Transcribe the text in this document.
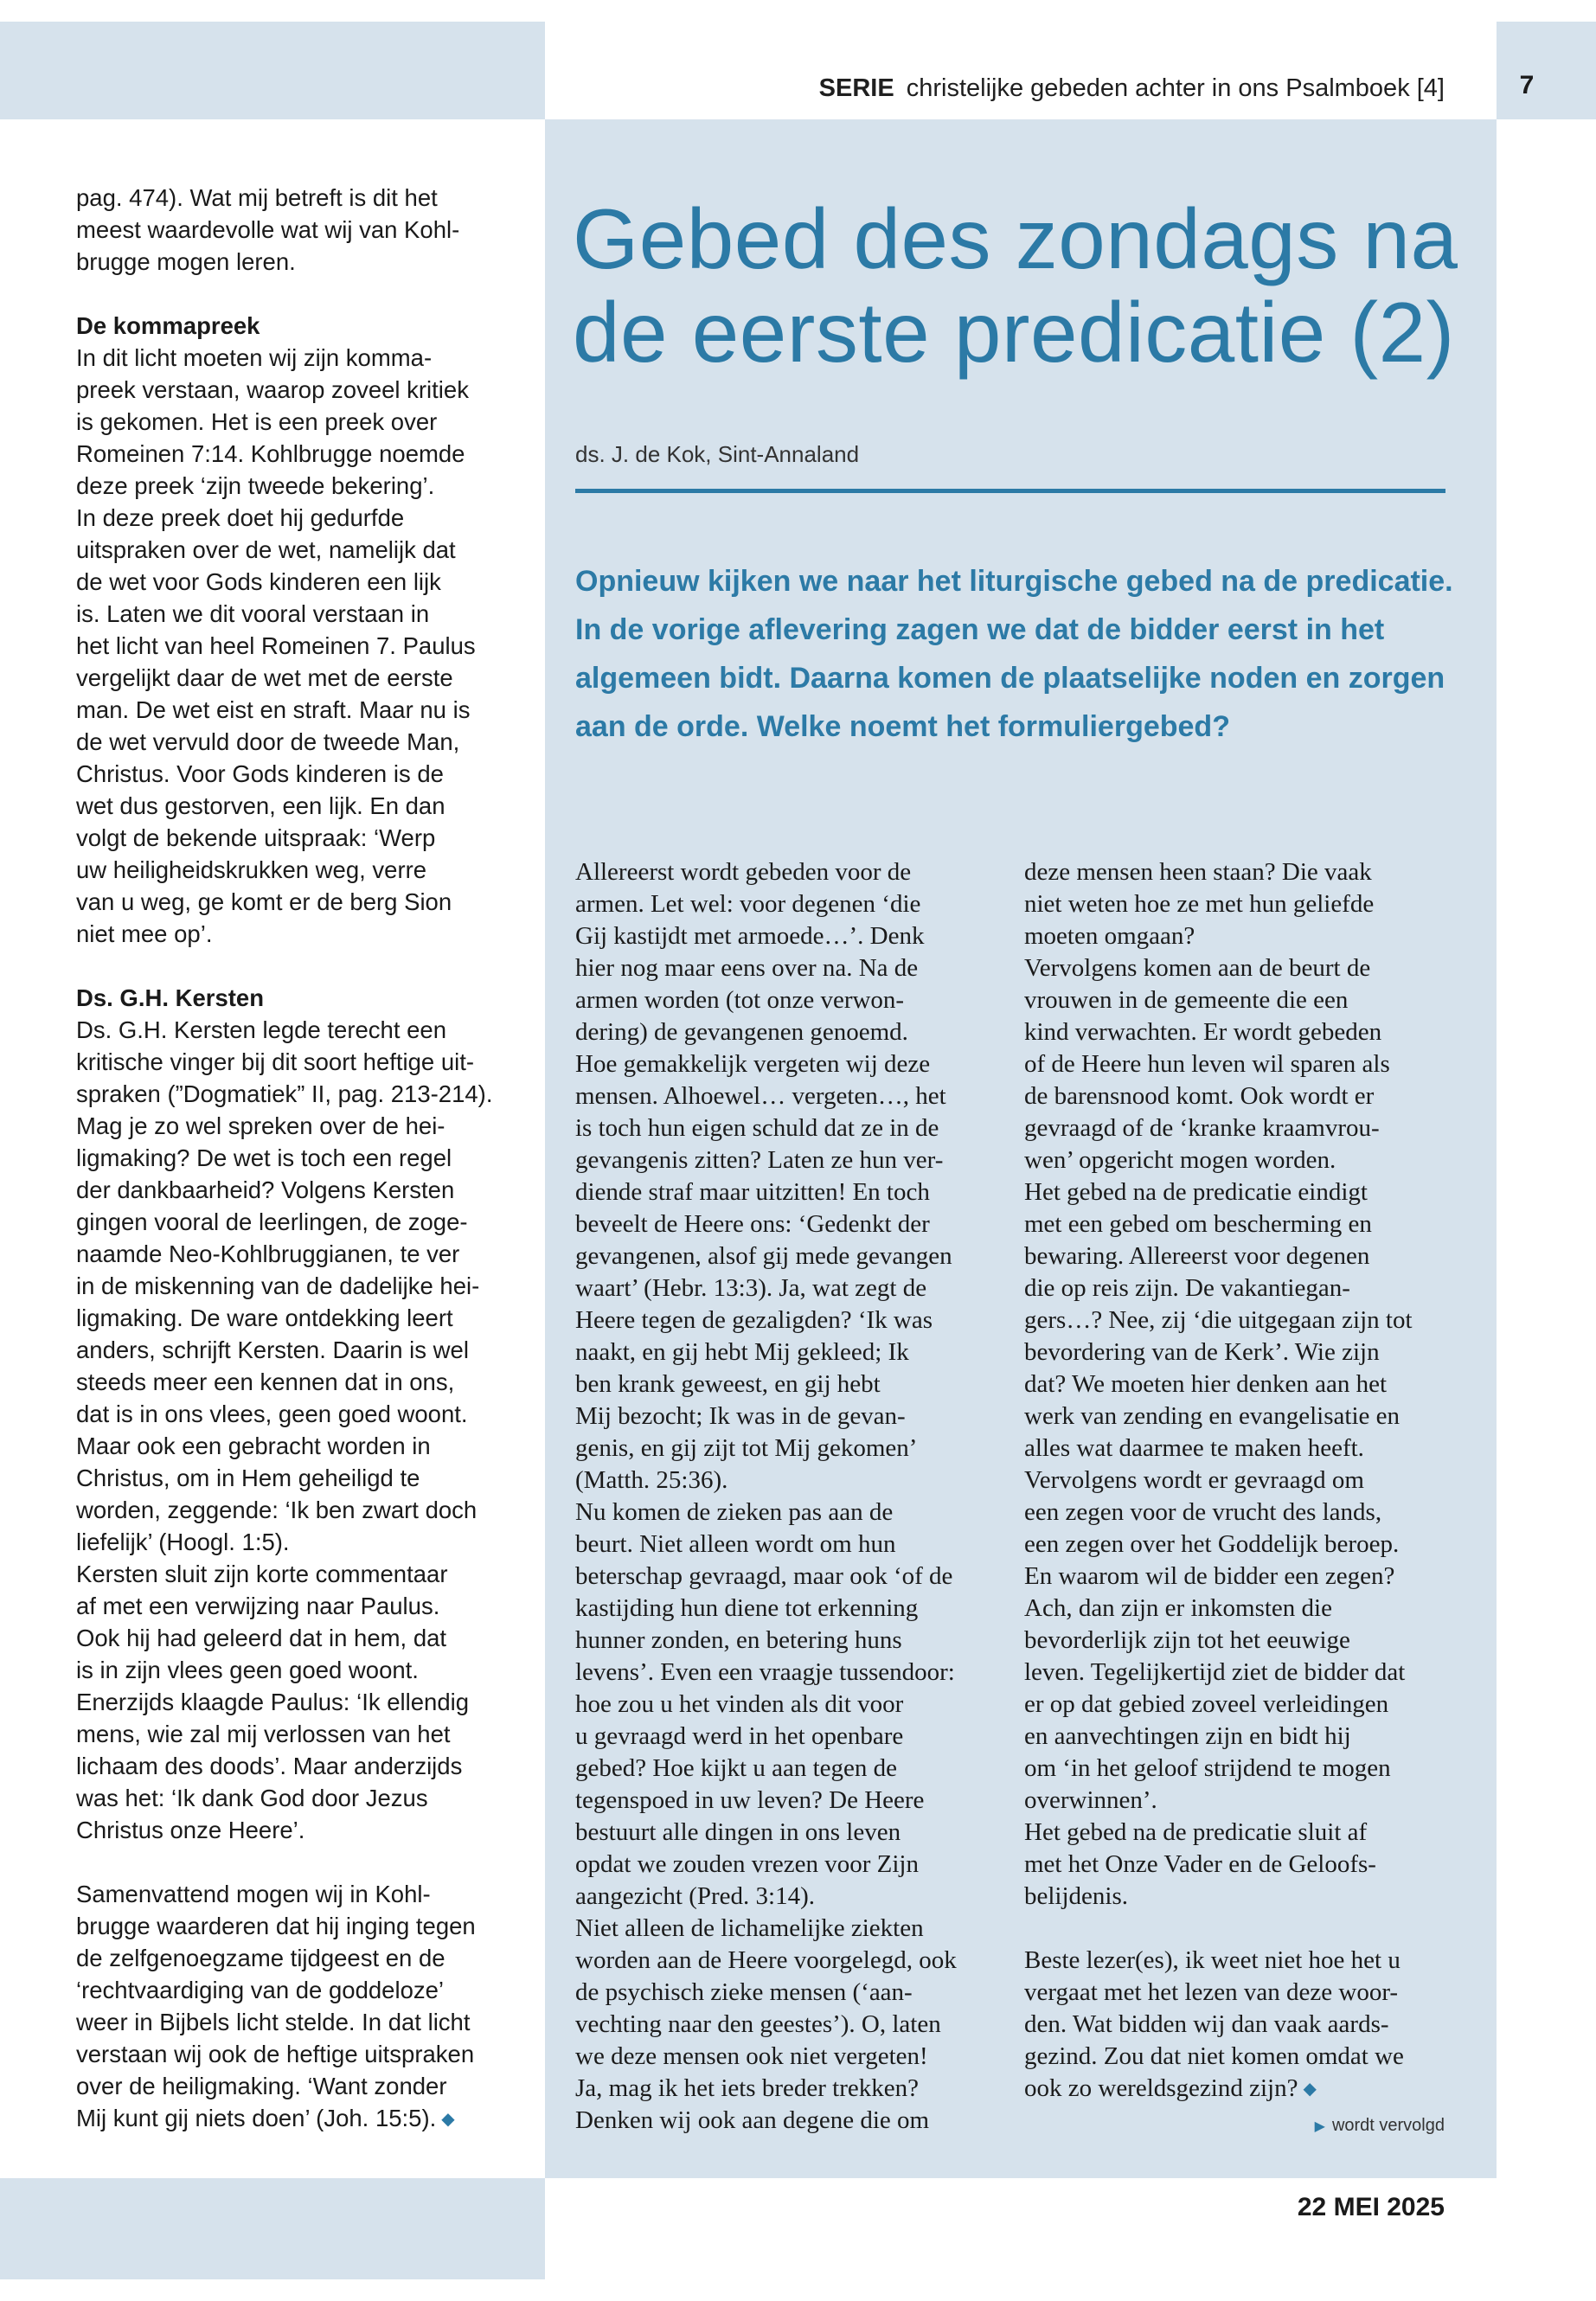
SERIE christelijke gebeden achter in ons Psalmboek [4]	7
pag. 474). Wat mij betreft is dit het
meest waardevolle wat wij van Kohl-
brugge mogen leren.
De kommapreek
In dit licht moeten wij zijn komma-
preek verstaan, waarop zoveel kritiek
is gekomen. Het is een preek over
Romeinen 7:14. Kohlbrugge noemde
deze preek ‘zijn tweede bekering’.
In deze preek doet hij gedurfde
uitspraken over de wet, namelijk dat
de wet voor Gods kinderen een lijk
is. Laten we dit vooral verstaan in
het licht van heel Romeinen 7. Paulus
vergelijkt daar de wet met de eerste
man. De wet eist en straft. Maar nu is
de wet vervuld door de tweede Man,
Christus. Voor Gods kinderen is de
wet dus gestorven, een lijk. En dan
volgt de bekende uitspraak: ‘Werp
uw heiligheidskrukken weg, verre
van u weg, ge komt er de berg Sion
niet mee op’.
Ds. G.H. Kersten
Ds. G.H. Kersten legde terecht een
kritische vinger bij dit soort heftige uit-
spraken (”Dogmatiek” II, pag. 213-214).
Mag je zo wel spreken over de hei-
ligmaking? De wet is toch een regel
der dankbaarheid? Volgens Kersten
gingen vooral de leerlingen, de zoge-
naamde Neo-Kohlbruggianen, te ver
in de miskenning van de dadelijke hei-
ligmaking. De ware ontdekking leert
anders, schrijft Kersten. Daarin is wel
steeds meer een kennen dat in ons,
dat is in ons vlees, geen goed woont.
Maar ook een gebracht worden in
Christus, om in Hem geheiligd te
worden, zeggende: ‘Ik ben zwart doch
liefelijk’ (Hoogl. 1:5).
Kersten sluit zijn korte commentaar
af met een verwijzing naar Paulus.
Ook hij had geleerd dat in hem, dat
is in zijn vlees geen goed woont.
Enerzijds klaagde Paulus: ‘Ik ellendig
mens, wie zal mij verlossen van het
lichaam des doods’. Maar anderzijds
was het: ‘Ik dank God door Jezus
Christus onze Heere’.
Samenvattend mogen wij in Kohl-
brugge waarderen dat hij inging tegen
de zelfgenoegzame tijdgeest en de
‘rechtvaardiging van de goddeloze’
weer in Bijbels licht stelde. In dat licht
verstaan wij ook de heftige uitspraken
over de heiligmaking. ‘Want zonder
Mij kunt gij niets doen’ (Joh. 15:5). ◆
Gebed des zondags na
de eerste predicatie (2)
ds. J. de Kok, Sint-Annaland

Opnieuw kijken we naar het liturgische gebed na de predicatie. In de vorige aflevering zagen we dat de bidder eerst in het algemeen bidt. Daarna komen de plaatselijke noden en zorgen aan de orde. Welke noemt het formuliergebed?

Allereerst wordt gebeden voor de
armen. Let wel: voor degenen ‘die
Gij kastijdt met armoede…’. Denk
hier nog maar eens over na. Na de
armen worden (tot onze verwon-
dering) de gevangenen genoemd.
Hoe gemakkelijk vergeten wij deze
mensen. Alhoewel… vergeten…, het
is toch hun eigen schuld dat ze in de
gevangenis zitten? Laten ze hun ver-
diende straf maar uitzitten! En toch
beveelt de Heere ons: ‘Gedenkt der
gevangenen, alsof gij mede gevangen
waart’ (Hebr. 13:3). Ja, wat zegt de
Heere tegen de gezaligden? ‘Ik was
naakt, en gij hebt Mij gekleed; Ik
ben krank geweest, en gij hebt
Mij bezocht; Ik was in de gevan-
genis, en gij zijt tot Mij gekomen’
(Matth. 25:36).
Nu komen de zieken pas aan de
beurt. Niet alleen wordt om hun
beterschap gevraagd, maar ook ‘of de
kastijding hun diene tot erkenning
hunner zonden, en betering huns
levens’. Even een vraagje tussendoor:
hoe zou u het vinden als dit voor
u gevraagd werd in het openbare
gebed? Hoe kijkt u aan tegen de
tegenspoed in uw leven? De Heere
bestuurt alle dingen in ons leven
opdat we zouden vrezen voor Zijn
aangezicht (Pred. 3:14).
Niet alleen de lichamelijke ziekten
worden aan de Heere voorgelegd, ook
de psychisch zieke mensen (‘aan-
vechting naar den geestes’). O, laten
we deze mensen ook niet vergeten!
Ja, mag ik het iets breder trekken?
Denken wij ook aan degene die om
deze mensen heen staan? Die vaak
niet weten hoe ze met hun geliefde
moeten omgaan?
Vervolgens komen aan de beurt de
vrouwen in de gemeente die een
kind verwachten. Er wordt gebeden
of de Heere hun leven wil sparen als
de barensnood komt. Ook wordt er
gevraagd of de ‘kranke kraamvrou-
wen’ opgericht mogen worden.
Het gebed na de predicatie eindigt
met een gebed om bescherming en
bewaring. Allereerst voor degenen
die op reis zijn. De vakantiegan-
gers…? Nee, zij ‘die uitgegaan zijn tot
bevordering van de Kerk’. Wie zijn
dat? We moeten hier denken aan het
werk van zending en evangelisatie en
alles wat daarmee te maken heeft.
Vervolgens wordt er gevraagd om
een zegen voor de vrucht des lands,
een zegen over het Goddelijk beroep.
En waarom wil de bidder een zegen?
Ach, dan zijn er inkomsten die
bevorderlijk zijn tot het eeuwige
leven. Tegelijkertijd ziet de bidder dat
er op dat gebied zoveel verleidingen
en aanvechtingen zijn en bidt hij
om ‘in het geloof strijdend te mogen
overwinnen’.
Het gebed na de predicatie sluit af
met het Onze Vader en de Geloofs-
belijdenis.
Beste lezer(es), ik weet niet hoe het u
vergaat met het lezen van deze woor-
den. Wat bidden wij dan vaak aards-
gezind. Zou dat niet komen omdat we
ook zo wereldsgezind zijn? ◆
▶ wordt vervolgd
22 MEI 2025
